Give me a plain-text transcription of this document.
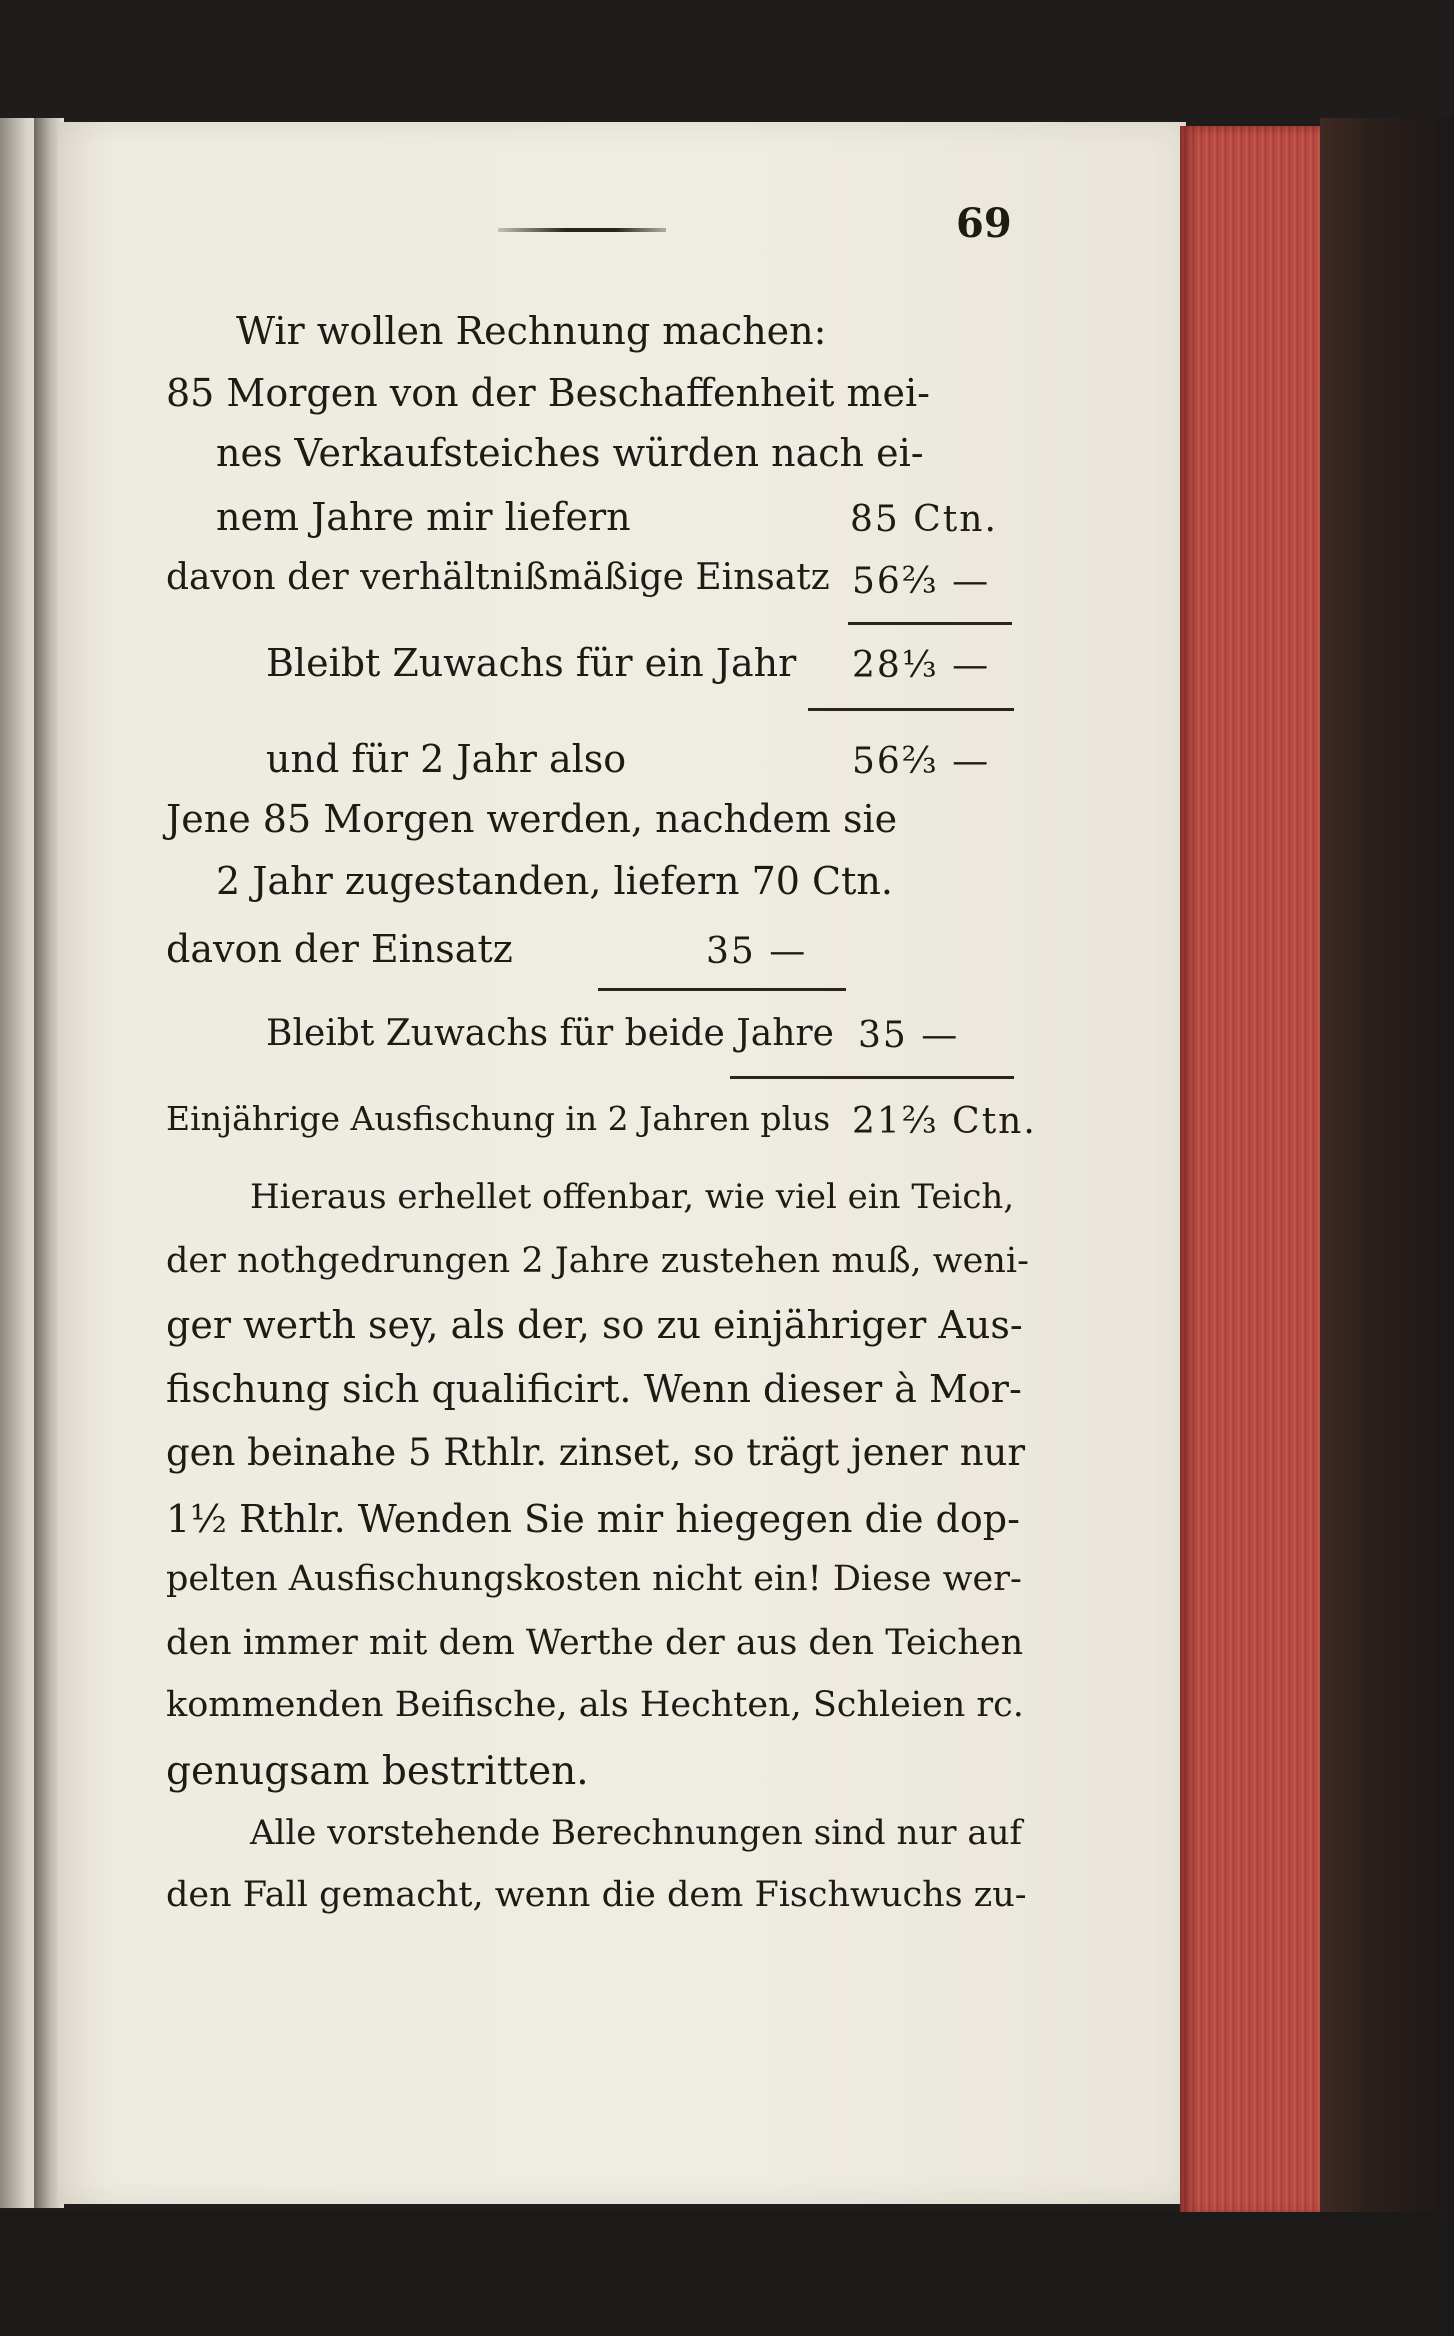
69
Wir wollen Rechnung machen:
85 Morgen von der Beschaffenheit mei-
nes Verkaufsteiches würden nach ei-
nem Jahre mir liefern	85 Ctn.
davon der verhältnißmäßige Einsatz 56⅔ —
Bleibt Zuwachs für ein Jahr 28⅓ —
und für 2 Jahr also	56⅔ —
Jene 85 Morgen werden, nachdem sie
2 Jahr zugestanden, liefern 70 Ctn.
davon der Einsatz	35 —
Bleibt Zuwachs für beide Jahre 35 —
Einjährige Ausfischung in 2 Jahren plus 21⅔ Ctn.
Hieraus erhellet offenbar, wie viel ein Teich,
der nothgedrungen 2 Jahre zustehen muß, weni-
ger werth sey, als der, so zu einjähriger Aus-
fischung sich qualificirt. Wenn dieser à Mor-
gen beinahe 5 Rthlr. zinset, so trägt jener nur
1½ Rthlr. Wenden Sie mir hiegegen die dop-
pelten Ausfischungskosten nicht ein! Diese wer-
den immer mit dem Werthe der aus den Teichen
kommenden Beifische, als Hechten, Schleien rc.
genugsam bestritten.
Alle vorstehende Berechnungen sind nur auf
den Fall gemacht, wenn die dem Fischwuchs zu-
